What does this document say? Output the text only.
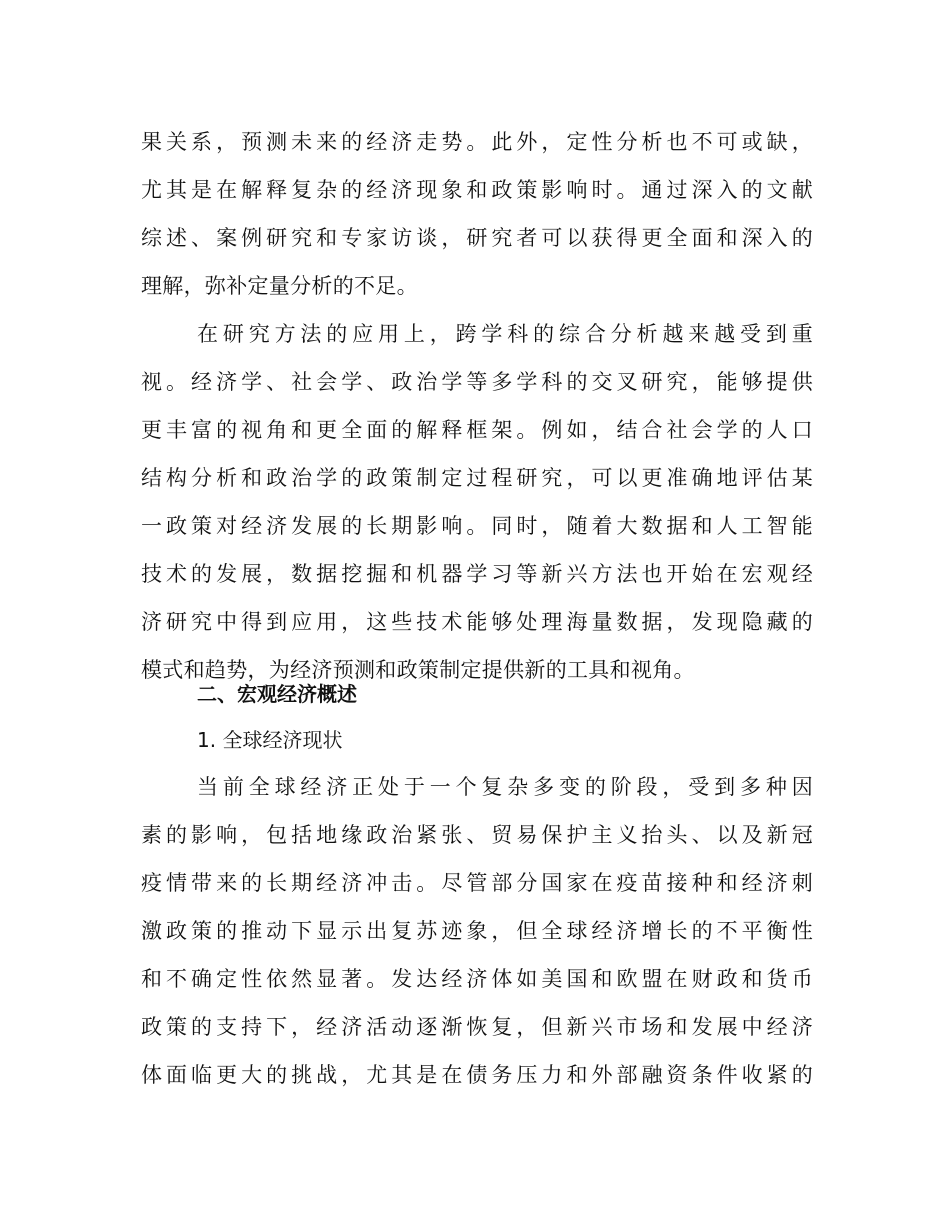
果关系，预测未来的经济走势。此外，定性分析也不可或缺，
尤其是在解释复杂的经济现象和政策影响时。通过深入的文献
综述、案例研究和专家访谈，研究者可以获得更全面和深入的
理解，弥补定量分析的不足。
在研究方法的应用上，跨学科的综合分析越来越受到重
视。经济学、社会学、政治学等多学科的交叉研究，能够提供
更丰富的视角和更全面的解释框架。例如，结合社会学的人口
结构分析和政治学的政策制定过程研究，可以更准确地评估某
一政策对经济发展的长期影响。同时，随着大数据和人工智能
技术的发展，数据挖掘和机器学习等新兴方法也开始在宏观经
济研究中得到应用，这些技术能够处理海量数据，发现隐藏的
模式和趋势，为经济预测和政策制定提供新的工具和视角。
二、宏观经济概述
1. 全球经济现状
当前全球经济正处于一个复杂多变的阶段，受到多种因
素的影响，包括地缘政治紧张、贸易保护主义抬头、以及新冠
疫情带来的长期经济冲击。尽管部分国家在疫苗接种和经济刺
激政策的推动下显示出复苏迹象，但全球经济增长的不平衡性
和不确定性依然显著。发达经济体如美国和欧盟在财政和货币
政策的支持下，经济活动逐渐恢复，但新兴市场和发展中经济
体面临更大的挑战，尤其是在债务压力和外部融资条件收紧的
